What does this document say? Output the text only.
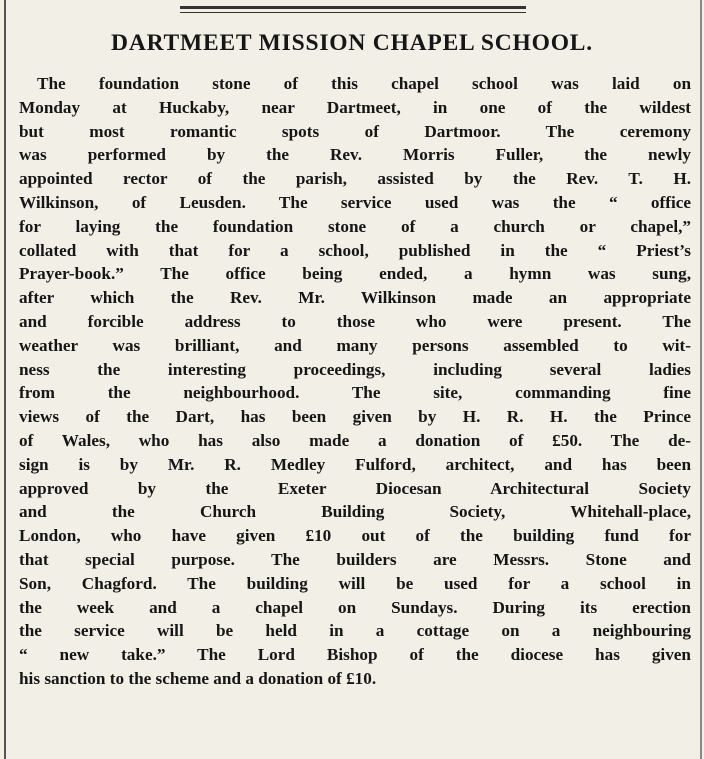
DARTMEET MISSION CHAPEL SCHOOL.
The foundation stone of this chapel school was laid on
Monday at Huckaby, near Dartmeet, in one of the wildest
but most romantic spots of Dartmoor. The ceremony
was performed by the Rev. Morris Fuller, the newly
appointed rector of the parish, assisted by the Rev. T. H.
Wilkinson, of Leusden. The service used was the “ office
for laying the foundation stone of a church or chapel,”
collated with that for a school, published in the “ Priest’s
Prayer-book.” The office being ended, a hymn was sung,
after which the Rev. Mr. Wilkinson made an appropriate
and forcible address to those who were present. The
weather was brilliant, and many persons assembled to wit-
ness the interesting proceedings, including several ladies
from the neighbourhood. The site, commanding fine
views of the Dart, has been given by H. R. H. the Prince
of Wales, who has also made a donation of £50. The de-
sign is by Mr. R. Medley Fulford, architect, and has been
approved by the Exeter Diocesan Architectural Society
and the Church Building Society, Whitehall-place,
London, who have given £10 out of the building fund for
that special purpose. The builders are Messrs. Stone and
Son, Chagford. The building will be used for a school in
the week and a chapel on Sundays. During its erection
the service will be held in a cottage on a neighbouring
“ new take.” The Lord Bishop of the diocese has given
his sanction to the scheme and a donation of £10.
